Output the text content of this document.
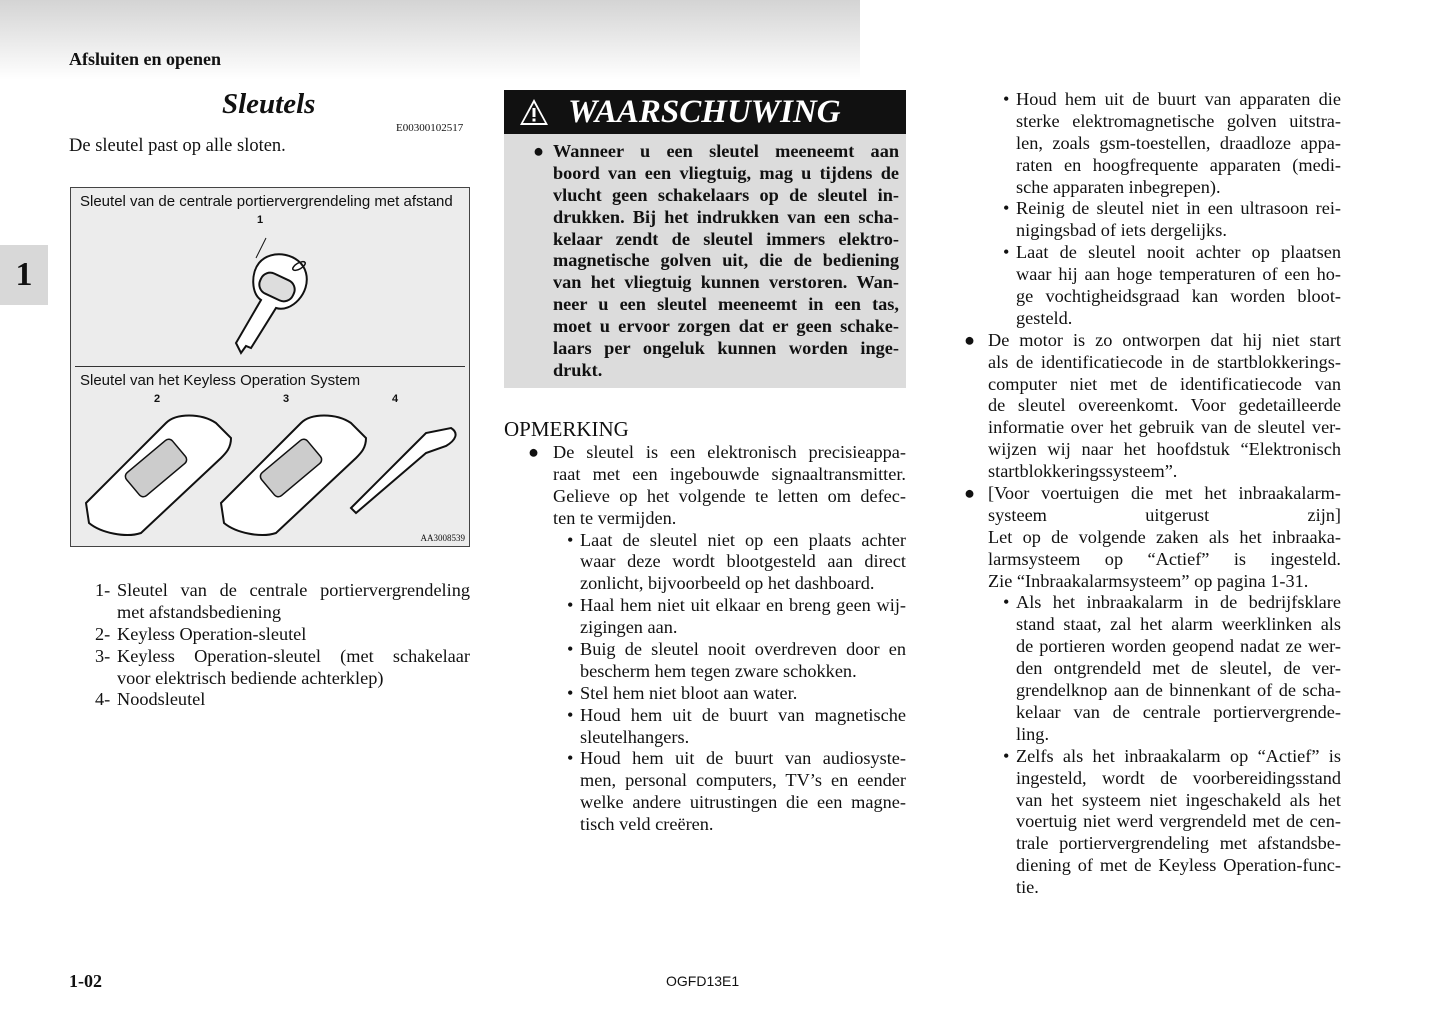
Afsluiten en openen
1
Sleutels
E00300102517
De sleutel past op alle sloten.
Sleutel van de centrale portiervergrendeling met afstand
1
Sleutel van het Keyless Operation System
2	3	4
AA3008539
1- Sleutel van de centrale portiervergrendeling
met afstandsbediening
2- Keyless Operation-sleutel
3- Keyless Operation-sleutel (met schakelaar
voor elektrisch bediende achterklep)
4- Noodsleutel
WAARSCHUWING
● Wanneer u een sleutel meeneemt aan
boord van een vliegtuig, mag u tijdens de
vlucht geen schakelaars op de sleutel in-
drukken. Bij het indrukken van een scha-
kelaar zendt de sleutel immers elektro-
magnetische golven uit, die de bediening
van het vliegtuig kunnen verstoren. Wan-
neer u een sleutel meeneemt in een tas,
moet u ervoor zorgen dat er geen schake-
laars per ongeluk kunnen worden inge-
drukt.
OPMERKING
● De sleutel is een elektronisch precisieappa-
raat met een ingebouwde signaaltransmitter.
Gelieve op het volgende te letten om defec-
ten te vermijden.
• Laat de sleutel niet op een plaats achter
waar deze wordt blootgesteld aan direct
zonlicht, bijvoorbeeld op het dashboard.
• Haal hem niet uit elkaar en breng geen wij-
zigingen aan.
• Buig de sleutel nooit overdreven door en
bescherm hem tegen zware schokken.
• Stel hem niet bloot aan water.
• Houd hem uit de buurt van magnetische
sleutelhangers.
• Houd hem uit de buurt van audiosyste-
men, personal computers, TV’s en eender
welke andere uitrustingen die een magne-
tisch veld creëren.
• Houd hem uit de buurt van apparaten die
sterke elektromagnetische golven uitstra-
len, zoals gsm-toestellen, draadloze appa-
raten en hoogfrequente apparaten (medi-
sche apparaten inbegrepen).
• Reinig de sleutel niet in een ultrasoon rei-
nigingsbad of iets dergelijks.
• Laat de sleutel nooit achter op plaatsen
waar hij aan hoge temperaturen of een ho-
ge vochtigheidsgraad kan worden bloot-
gesteld.
● De motor is zo ontworpen dat hij niet start
als de identificatiecode in de startblokkerings-
computer niet met de identificatiecode van
de sleutel overeenkomt. Voor gedetailleerde
informatie over het gebruik van de sleutel ver-
wijzen wij naar het hoofdstuk “Elektronisch
startblokkeringssysteem”.
● [Voor voertuigen die met het inbraakalarm-
systeem uitgerust zijn]
Let op de volgende zaken als het inbraaka-
larmsysteem op “Actief” is ingesteld.
Zie “Inbraakalarmsysteem” op pagina 1-31.
• Als het inbraakalarm in de bedrijfsklare
stand staat, zal het alarm weerklinken als
de portieren worden geopend nadat ze wer-
den ontgrendeld met de sleutel, de ver-
grendelknop aan de binnenkant of de scha-
kelaar van de centrale portiervergrende-
ling.
• Zelfs als het inbraakalarm op “Actief” is
ingesteld, wordt de voorbereidingsstand
van het systeem niet ingeschakeld als het
voertuig niet werd vergrendeld met de cen-
trale portiervergrendeling met afstandsbe-
diening of met de Keyless Operation-func-
tie.
1-02	OGFD13E1
